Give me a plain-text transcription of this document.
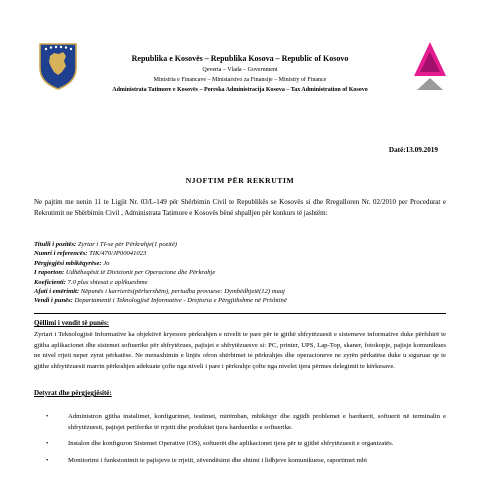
Republika e Kosovës – Republika Kosova – Republic of Kosovo
Qeveria – Vlada – Government
Ministria e Financave – Ministarstvo za Finansije – Ministry of Finance
Administrata Tatimore e Kosovës – Poreska Administracija Kosova – Tax Administration of Kosovo
Datë:13.09.2019
NJOFTIM PËR REKRUTIM
Ne pajtim me nenin 11 te Ligjit Nr. 03/L-149 për Shërbimin Civil te Republikës se Kosovës si dhe Rregulloren Nr. 02/2010 per Procedurat e Rekrutimit ne Shërbimin Civil , Administrata Tatimore e Kosovës bënë shpalljen për konkurs të jashtëm:
Titulli i pozitës: Zyrtar i TI-se për Përkrahje(1 pozitë)
Numri i referencës: TIK/470/JP00041023
Përgjegjësi mbikëqyrëse: Jo
I raporton: Udhëheqësit të Divizionit per Operacione dhe Përkrahje
Koeficienti: 7.0 plus shtesat e aplikueshme
Afati i emërimit: Nëpunës i karrierës(përhershëm), periudha provuese: Dymbëdhjetë(12) muaj
Vendi i punës: Departamenti i Teknologjisë Informative - Drejtoria e Përgjithshme në Prishtinë
Qëllimi i vendit të punës:
Zyrtari i Teknologjisë Informative ka objektivë kryesore përkrahjen e nivelit te pare për te gjithë shfrytëzuesit e sistemeve informative duke përfshirë te gjitha aplikacionet dhe sistemet softuerike për shfrytëzues, pajisjet e shfrytëzuesve si: PC, printer, UPS, Lap-Top, skaner, fotokopje, pajisje komunikues ne nivel rrjeti neper zyrat përkatëse. Ne menaxhimin e linjës ofron shërbimet te përkrahjes dhe operacioneve ne zyrën përkatëse duke u siguruar qe te gjithe shfrytëzuesit marrin përkrahjen adekuate çofte nga niveli i pare i përkrahje çofte nga nivelet tjera përmes delegimit te kërkesave.
Detyrat dhe përgjegjësitë:
•	Administron gjitha instalimet, konfigurimet, testimet, mirëmban, mbikëqyr dhe zgjidh problemet e harduerit, softuerit në terminalin e shfrytëzuesit, pajisjet periferike të rrjetit dhe produktet tjera harduerike e softuerike.
•	Instalon dhe konfiguron Sistemet Operative (OS), softuerët dhe aplikacionet tjera për te gjithë shfrytëzuesit e organizatës.
•	Monitorimi i funksionimit te pajisjeve te rrjetit, zëvendësimi dhe shtimi i lidhjeve komunikuese, raportimet mbi
